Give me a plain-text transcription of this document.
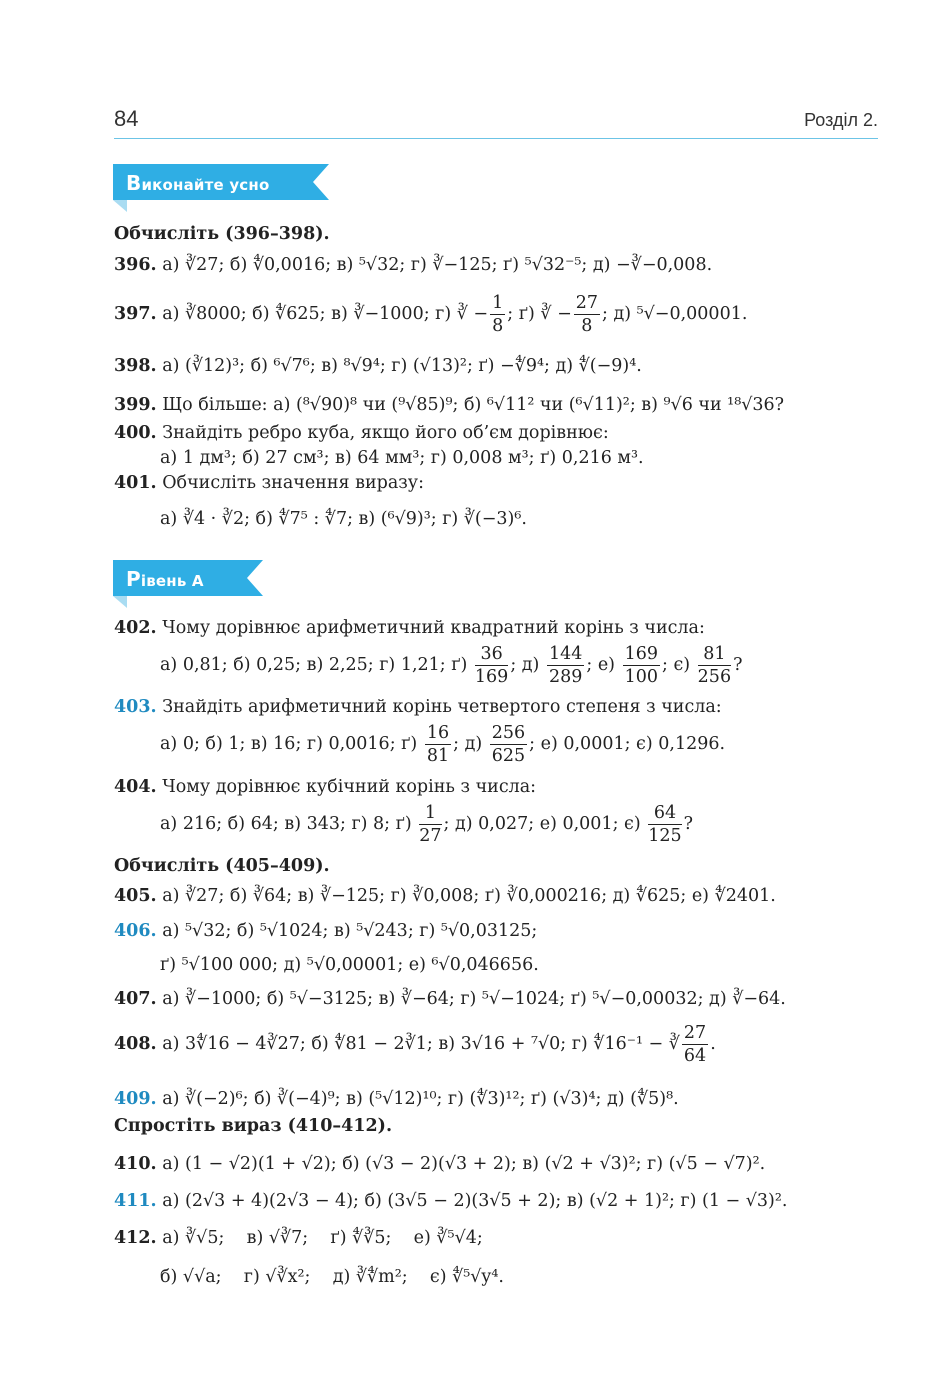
84	Розділ 2.
Виконайте усно
Обчисліть (396–398).
396. а) ∛27; б) ∜0,0016; в) ⁵√32; г) ∛−125; ґ) ⁵√32⁻⁵; д) −∛−0,008.
397. а) ∛8000; б) ∜625; в) ∛−1000; г) ∛ − $\frac{1}{8}$ ; ґ) ∛ − $\frac{27}{8}$ ; д) ⁵√−0,00001.
398. а) (∛12)³; б) ⁶√7⁶; в) ⁸√9⁴; г) (√13)²; ґ) −∜9⁴; д) ∜(−9)⁴.
399. Що більше: а) (⁸√90)⁸ чи (⁹√85)⁹; б) ⁶√11² чи (⁶√11)²; в) ⁹√6 чи ¹⁸√36?
400. Знайдіть ребро куба, якщо його об’єм дорівнює:
а) 1 дм³; б) 27 см³; в) 64 мм³; г) 0,008 м³; ґ) 0,216 м³.
401. Обчисліть значення виразу:
а) ∛4 · ∛2; б) ∜7⁵ : ∜7; в) (⁶√9)³; г) ∛(−3)⁶.
Рівень A
402. Чому дорівнює арифметичний квадратний корінь з числа:
а) 0,81; б) 0,25; в) 2,25; г) 1,21; $ґ) \frac{36}{169}$ ; $д) \frac{144}{289}$ ; $е) \frac{169}{100}$ ; $є) \frac{81}{256}$ ?
403. Знайдіть арифметичний корінь четвертого степеня з числа:
а) 0; б) 1; в) 16; г) 0,0016; $ґ) \frac{16}{81}$ ; $д) \frac{256}{625}$ ; е) 0,0001; є) 0,1296.
404. Чому дорівнює кубічний корінь з числа:
а) 216; б) 64; в) 343; г) 8; $ґ) \frac{1}{27}$ ; д) 0,027; е) 0,001; $є) \frac{64}{125}$ ?
Обчисліть (405–409).
405. а) ∛27; б) ∛64; в) ∛−125; г) ∛0,008; ґ) ∛0,000216; д) ∜625; е) ∜2401.
406. а) ⁵√32; б) ⁵√1024; в) ⁵√243; г) ⁵√0,03125;
ґ) ⁵√100 000; д) ⁵√0,00001; е) ⁶√0,046656.
407. а) ∛−1000; б) ⁵√−3125; в) ∛−64; г) ⁵√−1024; ґ) ⁵√−0,00032; д) ∛−64.
408. а) 3∜16 − 4∛27; б) ∜81 − 2∛1; в) 3√16 + ⁷√0; г) ∜16⁻¹ − ∛ $\frac{27}{64}$ .
409. а) ∛(−2)⁶; б) ∛(−4)⁹; в) (⁵√12)¹⁰; г) (∜3)¹²; ґ) (√3)⁴; д) (∜5)⁸.
Спростіть вираз (410–412).
410. а) (1 − √2)(1 + √2); б) (√3 − 2)(√3 + 2); в) (√2 + √3)²; г) (√5 − √7)².
411. а) (2√3 + 4)(2√3 − 4); б) (3√5 − 2)(3√5 + 2); в) (√2 + 1)²; г) (1 − √3)².
412. а) ∛√5;    в) √∛7;    ґ) ∜∛5;    е) ∛⁵√4;
б) √√a;    г) √∛x²;    д) ∛∜m²;    є) ∜⁵√y⁴.
